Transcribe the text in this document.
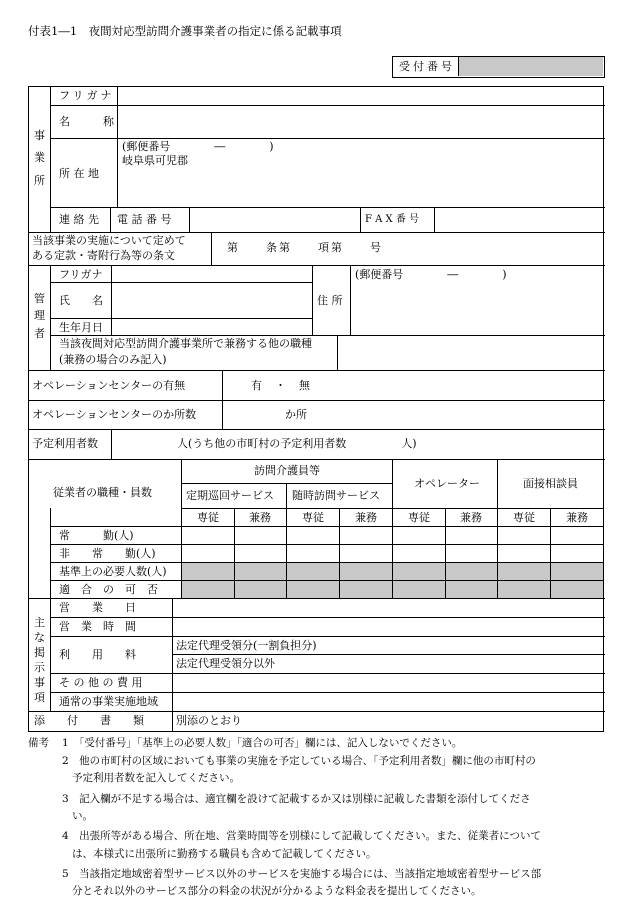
付表1―1　夜間対応型訪問介護事業者の指定に係る記載事項
受付番号
事
業
所
フリガナ
名　　　称
所 在 地
(郵便番号　　　　―　　　　)
岐阜県可児郡
連 絡 先 電 話 番 号	F A X 番 号
当該事業の実施について定めて
ある定款・寄附行為等の条文
第　　条第　　項第　　号
管
理
者
フリガナ
氏　　名
生年月日
住 所
(郵便番号　　　　―　　　　)
当該夜間対応型訪問介護事業所で兼務する他の職種
(兼務の場合のみ記入)
オペレーションセンターの有無	有　・　無
オペレーションセンターのか所数	か所
予定利用者数	人(うち他の市町村の予定利用者数　　　　　人)
従業者の職種・員数
訪問介護員等
定期巡回サービス 随時訪問サービス
オペレーター	面接相談員
専従	兼務	専従	兼務	専従	兼務	専従	兼務
常　　　勤(人)
非　　常　　勤(人)
基準上の必要人数(人)
適　合　の　可　否
主
な
掲
示
事
項
営　　業　　日
営　業　時　間
利　　用　　料
法定代理受領分(一割負担分)
法定代理受領分以外
そ の 他 の 費 用
通常の事業実施地域
添　　付　　書　　類	別添のとおり
備考 1　「受付番号」「基準上の必要人数」「適合の可否」欄には、記入しないでください。
2　他の市町村の区域においても事業の実施を予定している場合、「予定利用者数」欄に他の市町村の
予定利用者数を記入してください。
3　記入欄が不足する場合は、適宜欄を設けて記載するか又は別様に記載した書類を添付してくださ
い。
4　出張所等がある場合、所在地、営業時間等を別様にして記載してください。また、従業者について
は、本様式に出張所に勤務する職員も含めて記載してください。
5　当該指定地域密着型サービス以外のサービスを実施する場合には、当該指定地域密着型サービス部
分とそれ以外のサービス部分の料金の状況が分かるような料金表を提出してください。
